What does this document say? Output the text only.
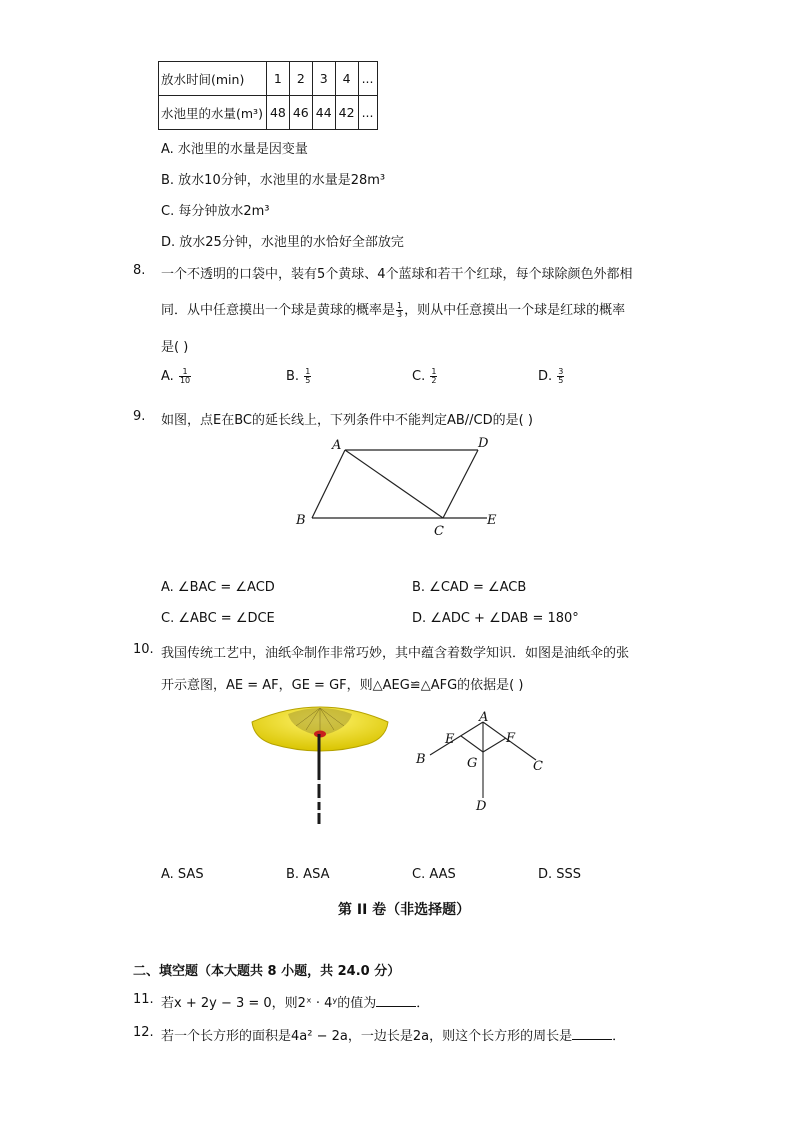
放水时间(min)	1	2	3	4	...
水池里的水量(m³)	48	46	44	42	...
A. 水池里的水量是因变量
B. 放水10分钟，水池里的水量是28m³
C. 每分钟放水2m³
D. 放水25分钟，水池里的水恰好全部放完
8. 一个不透明的口袋中，装有5个黄球、4个蓝球和若干个红球，每个球除颜色外都相
同．从中任意摸出一个球是黄球的概率是 $\frac{1}{3}$ ，则从中任意摸出一个球是红球的概率
是( )
A. $\frac{1}{10}$	B. $\frac{1}{5}$	C. $\frac{1}{2}$	D. $\frac{3}{5}$
9. 如图，点E在BC的延长线上，下列条件中不能判定AB//CD的是( )
A	D
B
C
E
A. ∠BAC = ∠ACD	B. ∠CAD = ∠ACB
C. ∠ABC = ∠DCE	D. ∠ADC + ∠DAB = 180°
10. 我国传统工艺中，油纸伞制作非常巧妙，其中蕴含着数学知识．如图是油纸伞的张
开示意图，AE = AF，GE = GF，则△AEG≌△AFG的依据是( )
A
E	F
B	G	C
D
A. SAS	B. ASA	C. AAS	D. SSS
第 II 卷（非选择题）
二、填空题（本大题共 8 小题，共 24.0 分）
11. 若x + 2y − 3 = 0，则2ˣ · 4ʸ的值为	．
12. 若一个长方形的面积是4a² − 2a，一边长是2a，则这个长方形的周长是	．
